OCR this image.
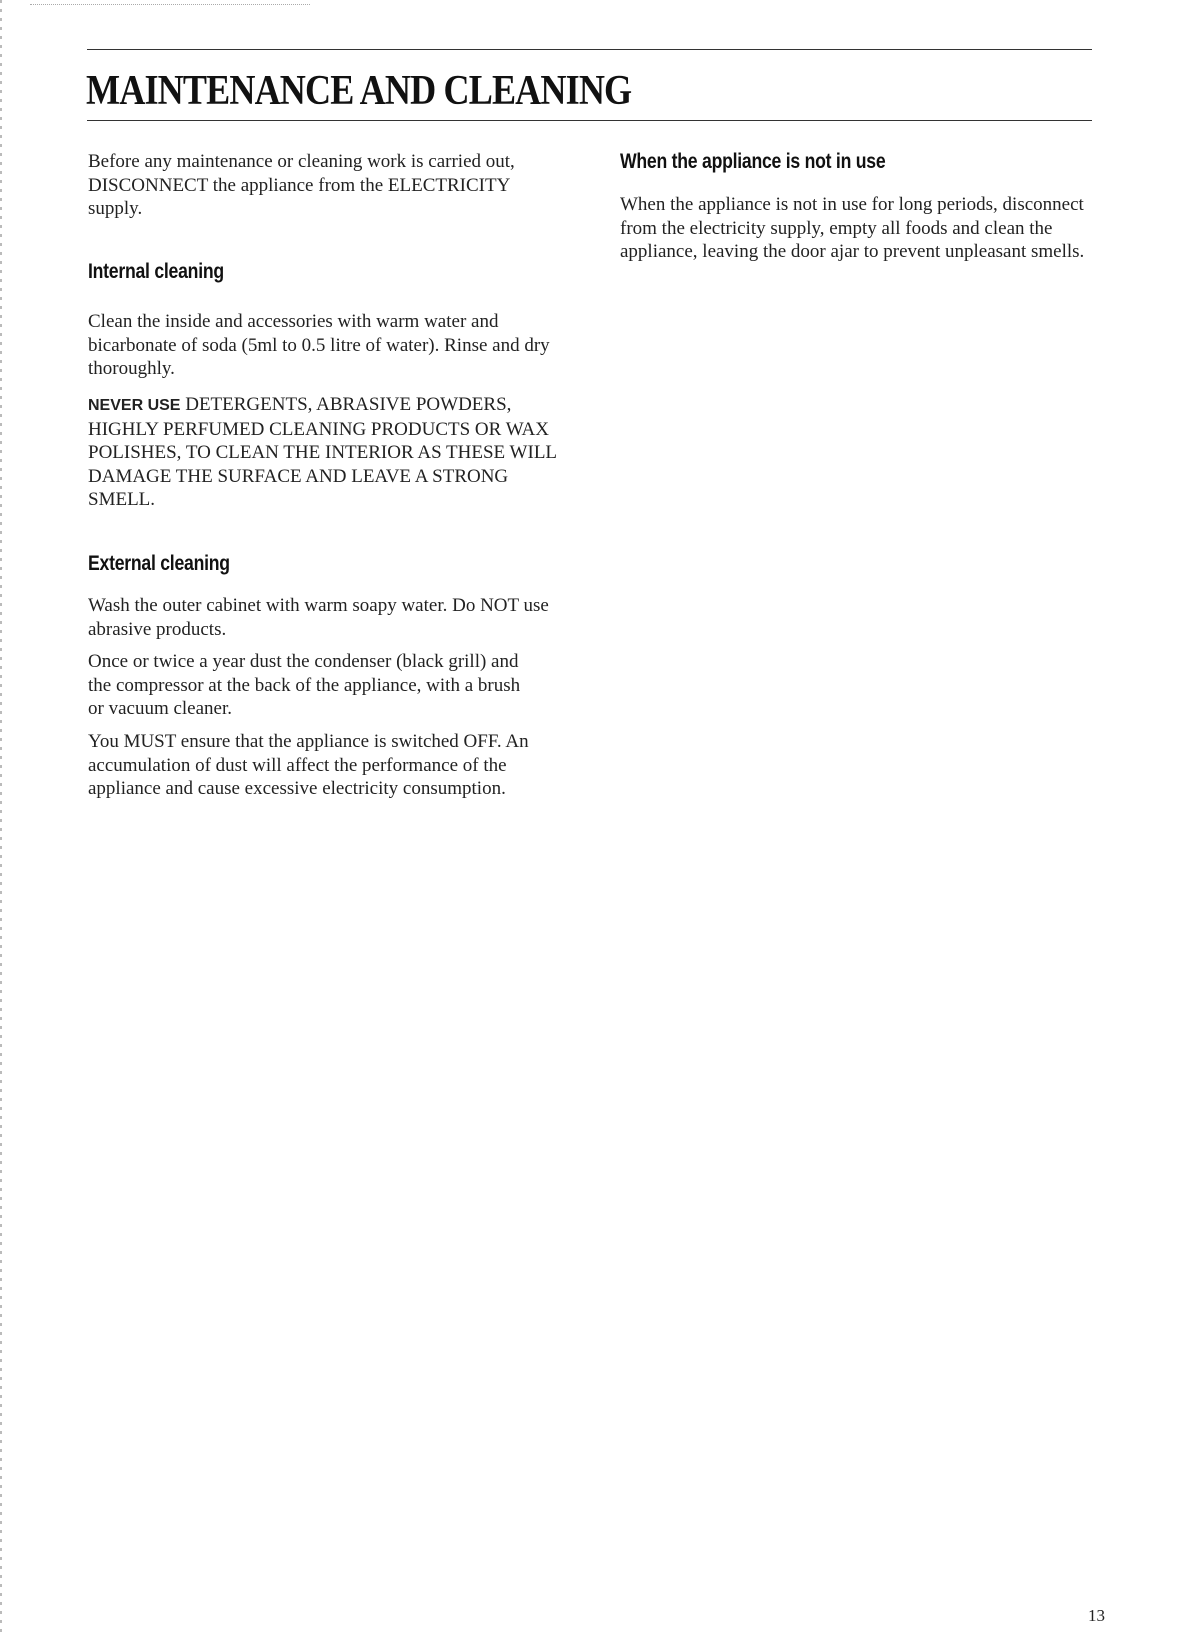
MAINTENANCE AND CLEANING

Before any maintenance or cleaning work is carried out, DISCONNECT the appliance from the ELECTRICITY supply.

Internal cleaning

Clean the inside and accessories with warm water and bicarbonate of soda (5ml to 0.5 litre of water). Rinse and dry thoroughly.

NEVER USE DETERGENTS, ABRASIVE POWDERS, HIGHLY PERFUMED CLEANING PRODUCTS OR WAX POLISHES, TO CLEAN THE INTERIOR AS THESE WILL DAMAGE THE SURFACE AND LEAVE A STRONG SMELL.

External cleaning

Wash the outer cabinet with warm soapy water. Do NOT use abrasive products.

Once or twice a year dust the condenser (black grill) and the compressor at the back of the appliance, with a brush or vacuum cleaner.

You MUST ensure that the appliance is switched OFF. An accumulation of dust will affect the performance of the appliance and cause excessive electricity consumption.

When the appliance is not in use

When the appliance is not in use for long periods, disconnect from the electricity supply, empty all foods and clean the appliance, leaving the door ajar to prevent unpleasant smells.

13
